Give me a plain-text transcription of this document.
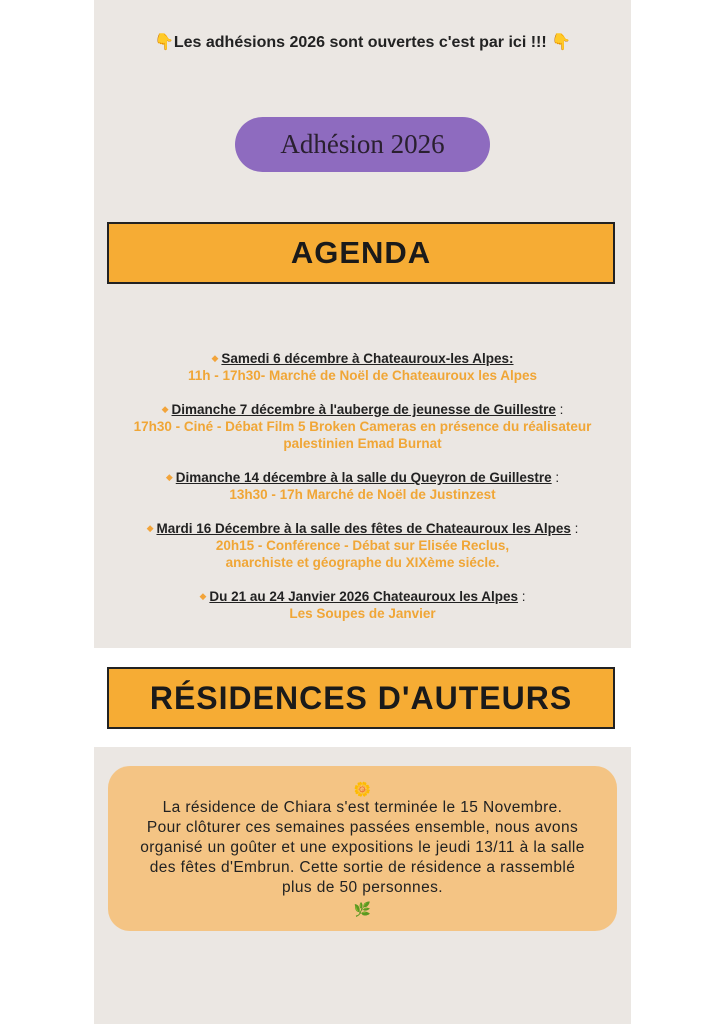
👇Les adhésions 2026 sont ouvertes c'est par ici !!! 👇
Adhésion 2026
AGENDA
◆ Samedi 6 décembre à Chateauroux-les Alpes:
11h - 17h30- Marché de Noël de Chateauroux les Alpes
◆ Dimanche 7 décembre à l'auberge de jeunesse de Guillestre :
17h30 - Ciné - Débat Film 5 Broken Cameras en présence du réalisateur
palestinien Emad Burnat
◆ Dimanche 14 décembre à la salle du Queyron de Guillestre :
13h30 - 17h Marché de Noël de Justinzest
◆ Mardi 16 Décembre à la salle des fêtes de Chateauroux les Alpes :
20h15 - Conférence - Débat sur Elisée Reclus,
anarchiste et géographe du XIXème siécle.
◆ Du 21 au 24 Janvier 2026 Chateauroux les Alpes :
Les Soupes de Janvier
RÉSIDENCES D'AUTEURS
🌼
La résidence de Chiara s'est terminée le 15 Novembre.
Pour clôturer ces semaines passées ensemble, nous avons
organisé un goûter et une expositions le jeudi 13/11 à la salle
des fêtes d'Embrun. Cette sortie de résidence a rassemblé
plus de 50 personnes.
🌿
